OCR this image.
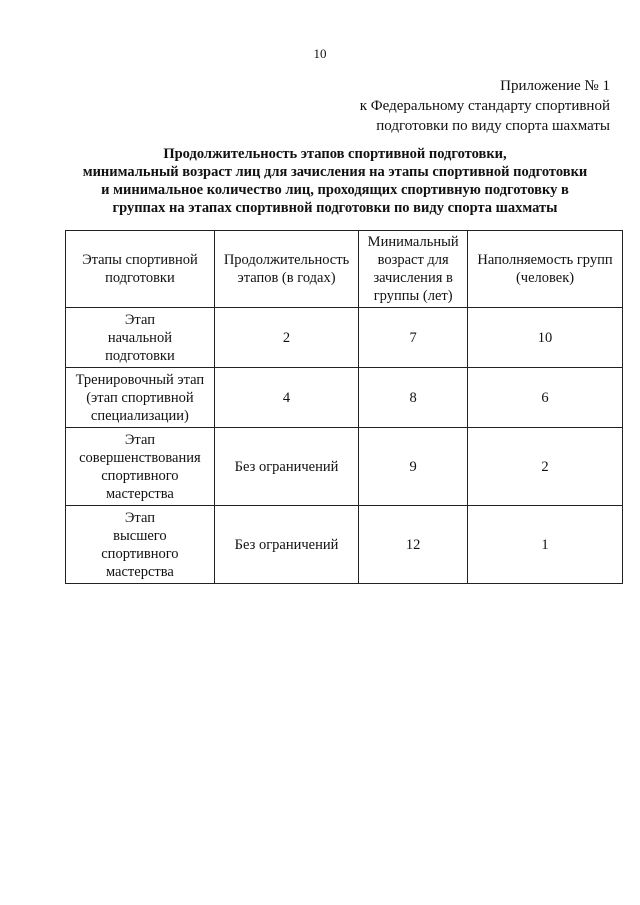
10
Приложение № 1
к Федеральному стандарту спортивной
подготовки по виду спорта шахматы
Продолжительность этапов спортивной подготовки,
минимальный возраст лиц для зачисления на этапы спортивной подготовки
и минимальное количество лиц, проходящих спортивную подготовку в
группах на этапах спортивной подготовки по виду спорта шахматы
Этапы спортивной подготовки	Продолжительность этапов (в годах)	Минимальный возраст для зачисления в группы (лет)	Наполняемость групп (человек)

Этап
начальной
подготовки	2	7	10

Тренировочный этап
(этап спортивной
специализации)	4	8	6

Этап
совершенствования
спортивного
мастерства	Без ограничений	9	2

Этап
высшего
спортивного
мастерства	Без ограничений	12	1
